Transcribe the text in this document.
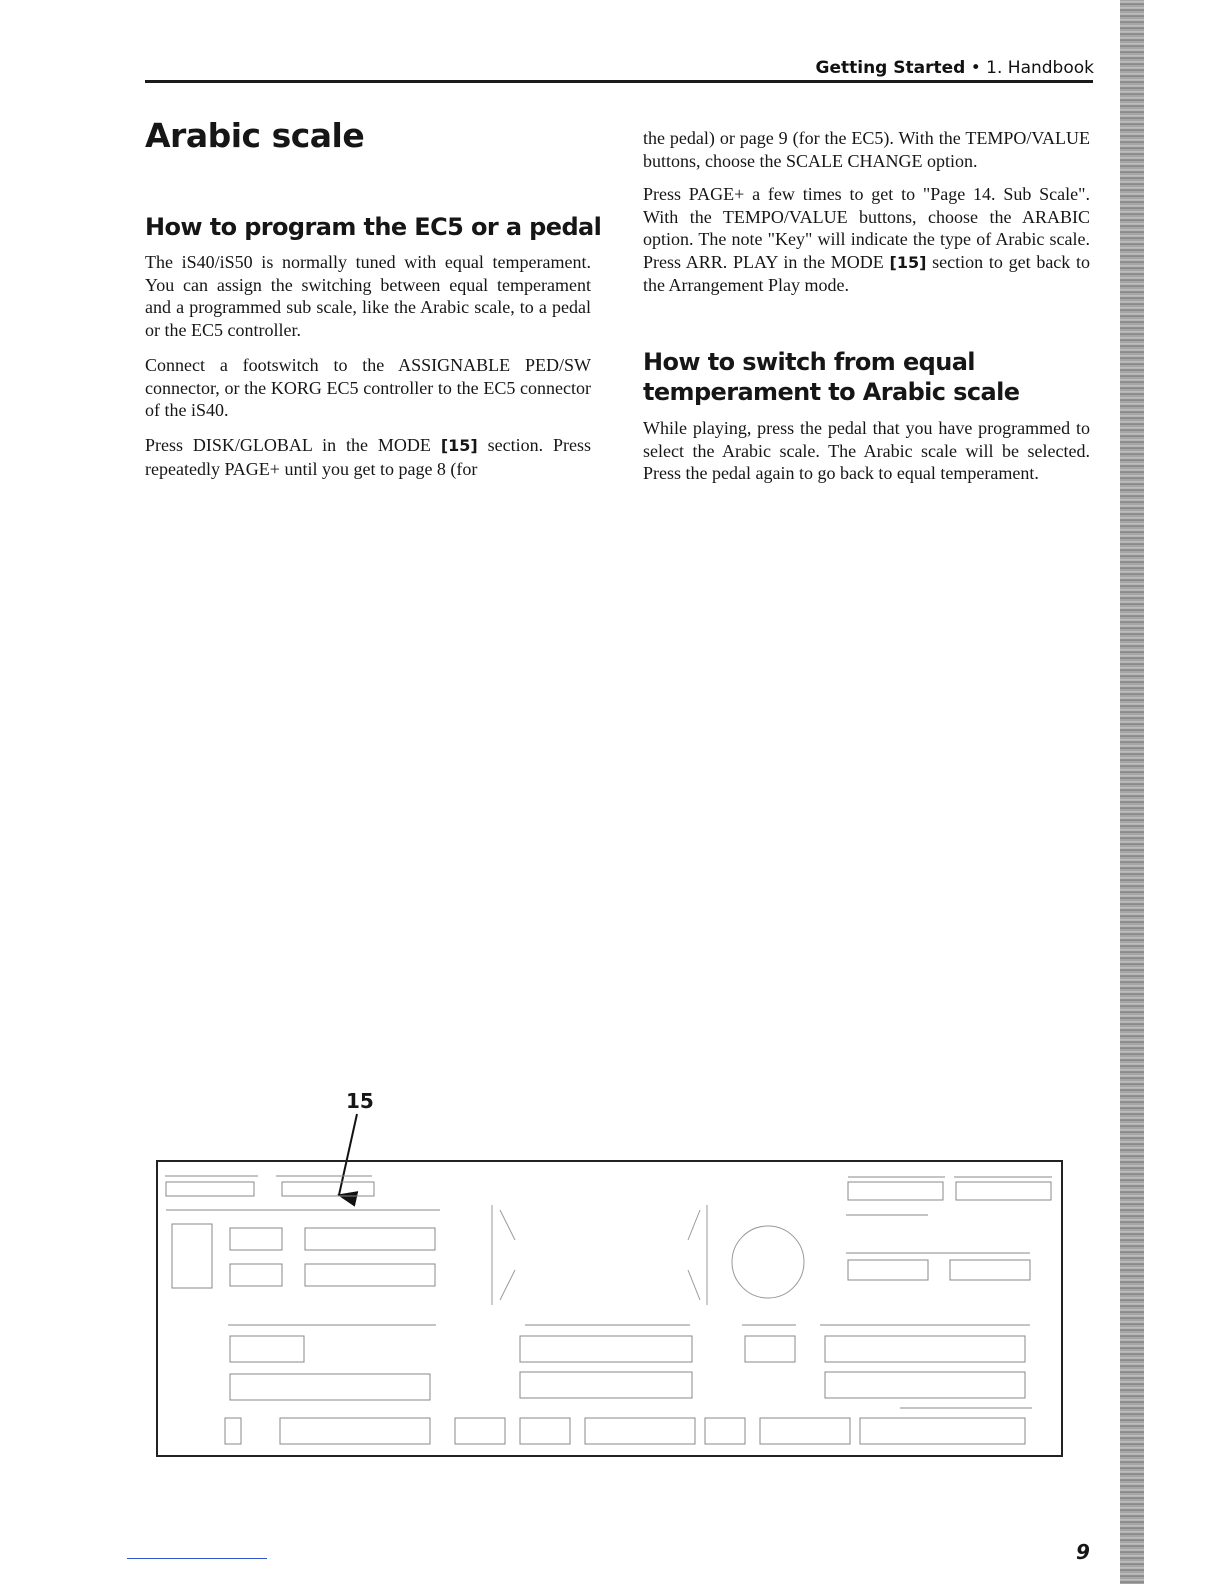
Getting Started • 1. Handbook
Arabic scale
How to program the EC5 or a pedal

The iS40/iS50 is normally tuned with equal temperament. You can assign the switching between equal temperament and a programmed sub scale, like the Arabic scale, to a pedal or the EC5 controller.

Connect a footswitch to the ASSIGNABLE PED/SW connector, or the KORG EC5 controller to the EC5 connector of the iS40.

Press DISK/GLOBAL in the MODE [15] section. Press repeatedly PAGE+ until you get to page 8 (for

the pedal) or page 9 (for the EC5). With the TEMPO/VALUE buttons, choose the SCALE CHANGE option.

Press PAGE+ a few times to get to "Page 14. Sub Scale". With the TEMPO/VALUE buttons, choose the ARABIC option. The note "Key" will indicate the type of Arabic scale. Press ARR. PLAY in the MODE [15] section to get back to the Arrangement Play mode.

How to switch from equal temperament to Arabic scale

While playing, press the pedal that you have programmed to select the Arabic scale. The Arabic scale will be selected. Press the pedal again to go back to equal temperament.

15
9
